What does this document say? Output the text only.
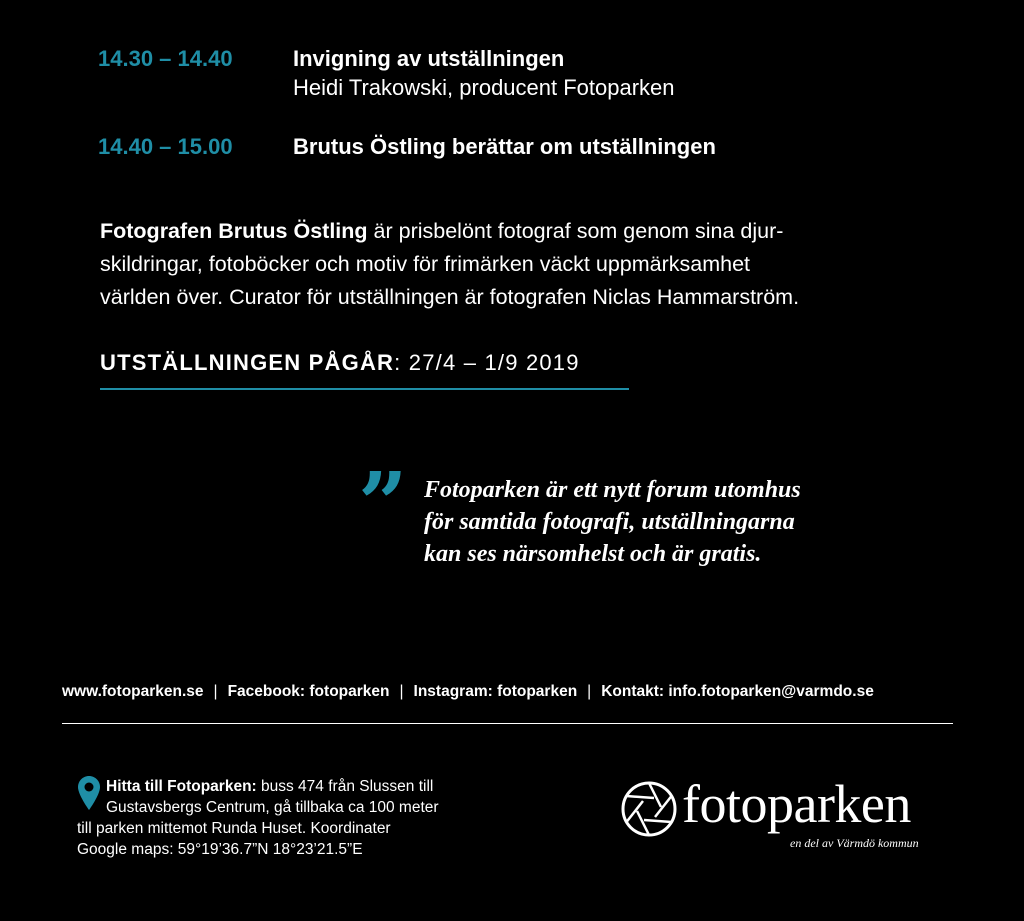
14.30 – 14.40	Invigning av utställningen
Heidi Trakowski, producent Fotoparken
14.40 – 15.00	Brutus Östling berättar om utställningen
Fotografen Brutus Östling är prisbelönt fotograf som genom sina djur-
skildringar, fotoböcker och motiv för frimärken väckt uppmärksamhet
världen över. Curator för utställningen är fotografen Niclas Hammarström.
UTSTÄLLNINGEN PÅGÅR: 27/4 – 1/9 2019
” Fotoparken är ett nytt forum utomhus
för samtida fotografi, utställningarna
kan ses närsomhelst och är gratis.
www.fotoparken.se | Facebook: fotoparken | Instagram: fotoparken | Kontakt: info.fotoparken@varmdo.se
Hitta till Fotoparken: buss 474 från Slussen till
Gustavsbergs Centrum, gå tillbaka ca 100 meter
till parken mittemot Runda Huset. Koordinater
Google maps: 59°19’36.7”N 18°23’21.5”E
fotoparken
en del av Värmdö kommun
